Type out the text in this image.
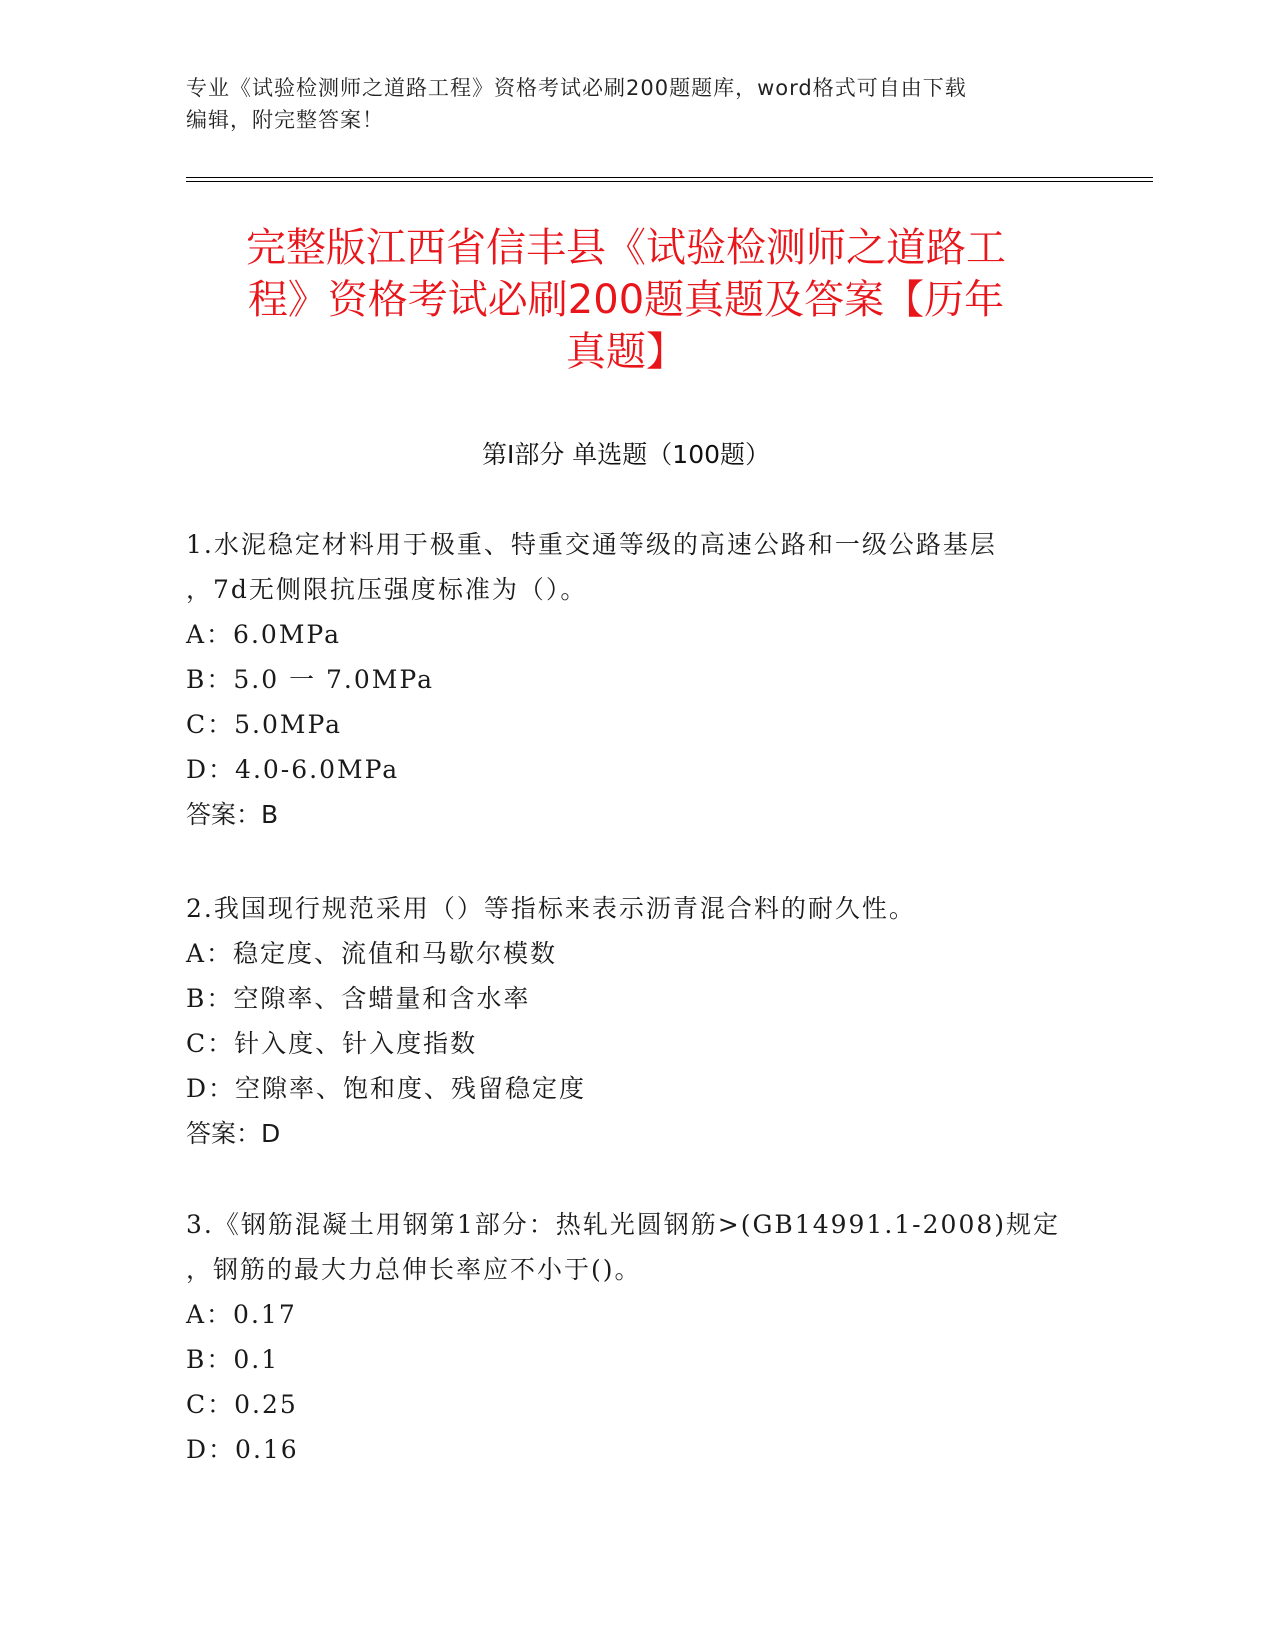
专业《试验检测师之道路工程》资格考试必刷200题题库，word格式可自由下载
编辑，附完整答案！
完整版江西省信丰县《试验检测师之道路工
程》资格考试必刷200题真题及答案【历年
真题】
第I部分 单选题（100题）

1.水泥稳定材料用于极重、特重交通等级的高速公路和一级公路基层

，7d无侧限抗压强度标准为（）。

A：6.0MPa

B：5.0 一 7.0MPa

C：5.0MPa

D：4.0-6.0MPa

答案：B

2.我国现行规范采用（）等指标来表示沥青混合料的耐久性。

A：稳定度、流值和马歇尔模数

B：空隙率、含蜡量和含水率

C：针入度、针入度指数

D：空隙率、饱和度、残留稳定度

答案：D

3.《钢筋混凝土用钢第1部分：热轧光圆钢筋>(GB14991.1-2008)规定

，钢筋的最大力总伸长率应不小于()。

A：0.17

B：0.1

C：0.25

D：0.16
